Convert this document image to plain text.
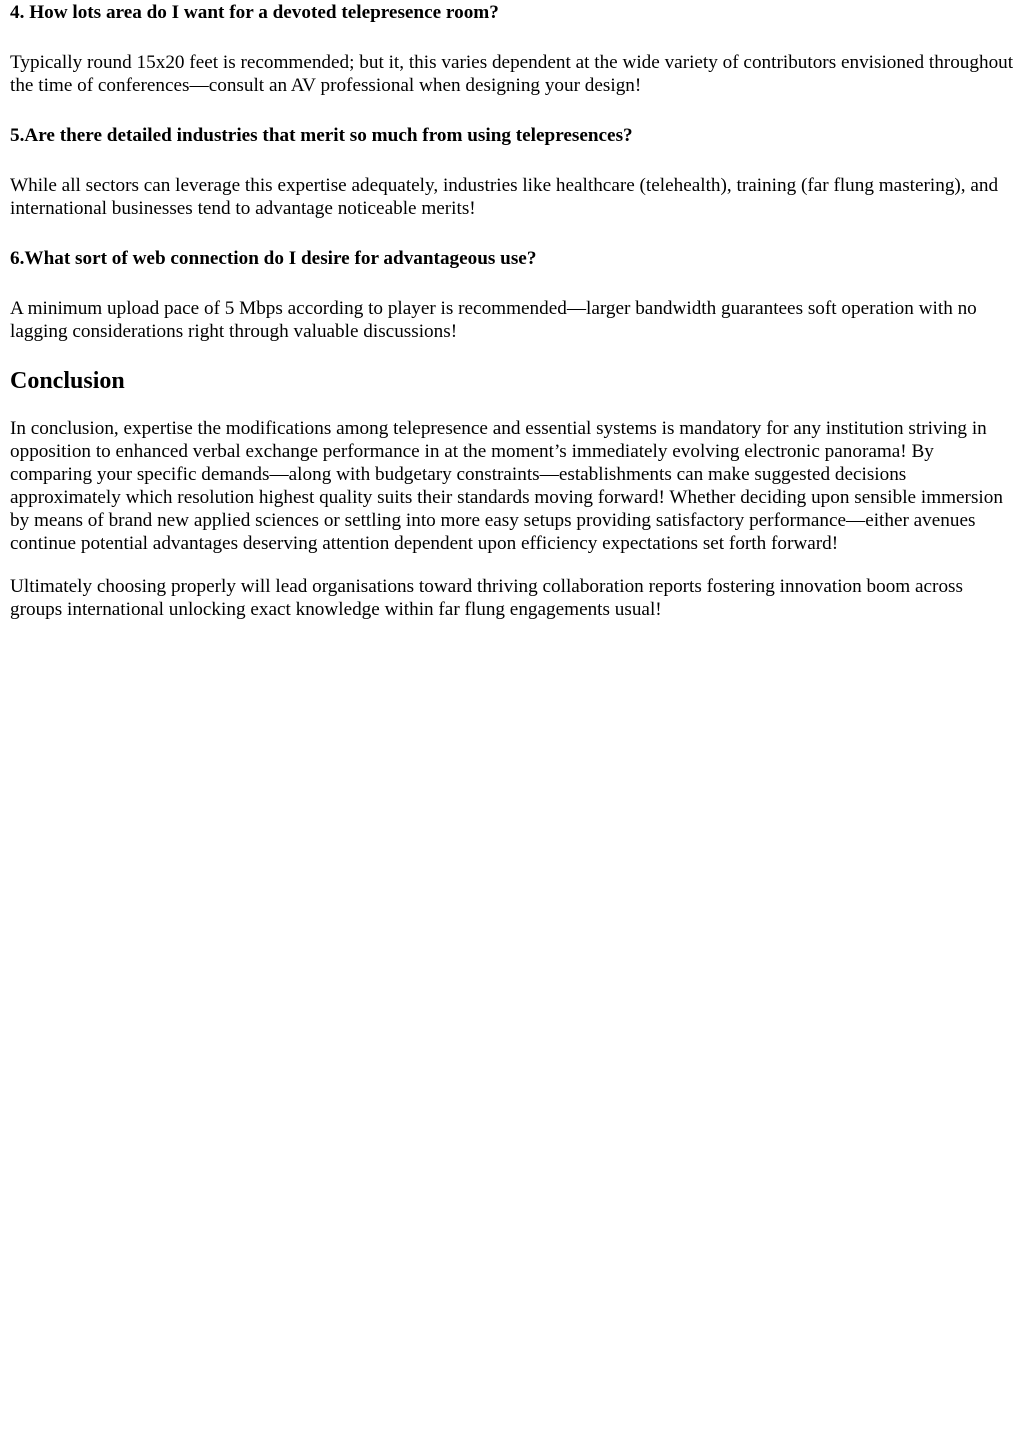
4. How lots area do I want for a devoted telepresence room?

Typically round 15x20 feet is recommended; but it, this varies dependent at the wide variety of contributors envisioned throughout the time of conferences—consult an AV professional when designing your design!

5.Are there detailed industries that merit so much from using telepresences?

While all sectors can leverage this expertise adequately, industries like healthcare (telehealth), training (far flung mastering), and international businesses tend to advantage noticeable merits!

6.What sort of web connection do I desire for advantageous use?

A minimum upload pace of 5 Mbps according to player is recommended—larger bandwidth guarantees soft operation with no lagging considerations right through valuable discussions!

Conclusion

In conclusion, expertise the modifications among telepresence and essential systems is mandatory for any institution striving in opposition to enhanced verbal exchange performance in at the moment’s immediately evolving electronic panorama! By comparing your specific demands—along with budgetary constraints—establishments can make suggested decisions approximately which resolution highest quality suits their standards moving forward! Whether deciding upon sensible immersion by means of brand new applied sciences or settling into more easy setups providing satisfactory performance—either avenues continue potential advantages deserving attention dependent upon efficiency expectations set forth forward!

Ultimately choosing properly will lead organisations toward thriving collaboration reports fostering innovation boom across groups international unlocking exact knowledge within far flung engagements usual!
